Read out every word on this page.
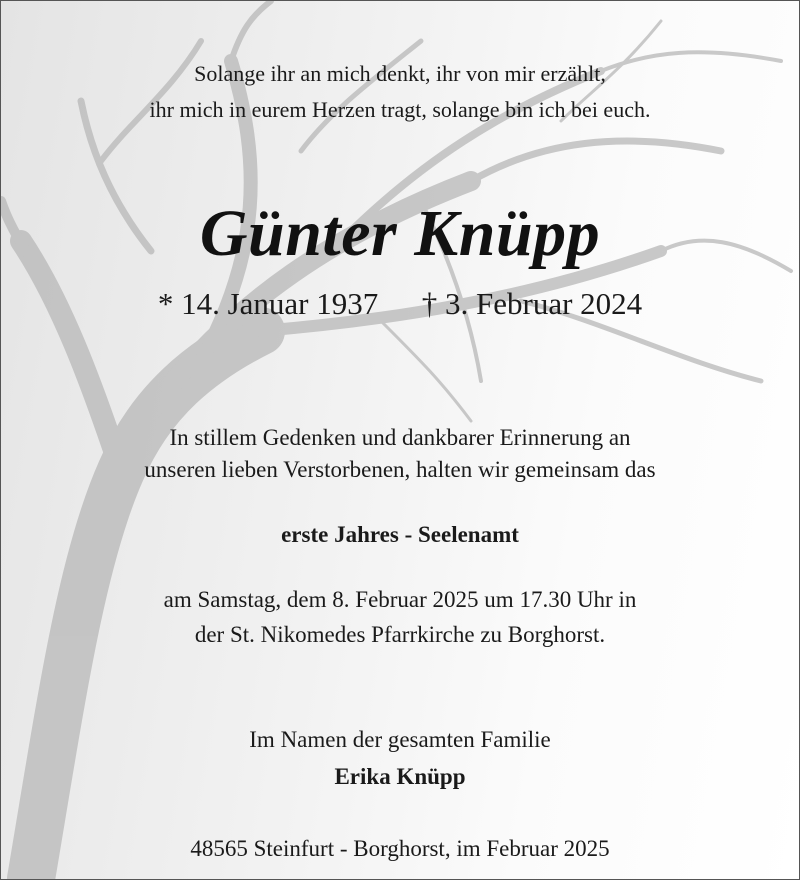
Solange ihr an mich denkt, ihr von mir erzählt,
ihr mich in eurem Herzen tragt, solange bin ich bei euch.
Günter Knüpp
* 14. Januar 1937 † 3. Februar 2024
In stillem Gedenken und dankbarer Erinnerung an
unseren lieben Verstorbenen, halten wir gemeinsam das
erste Jahres - Seelenamt
am Samstag, dem 8. Februar 2025 um 17.30 Uhr in
der St. Nikomedes Pfarrkirche zu Borghorst.
Im Namen der gesamten Familie
Erika Knüpp
48565 Steinfurt - Borghorst, im Februar 2025
